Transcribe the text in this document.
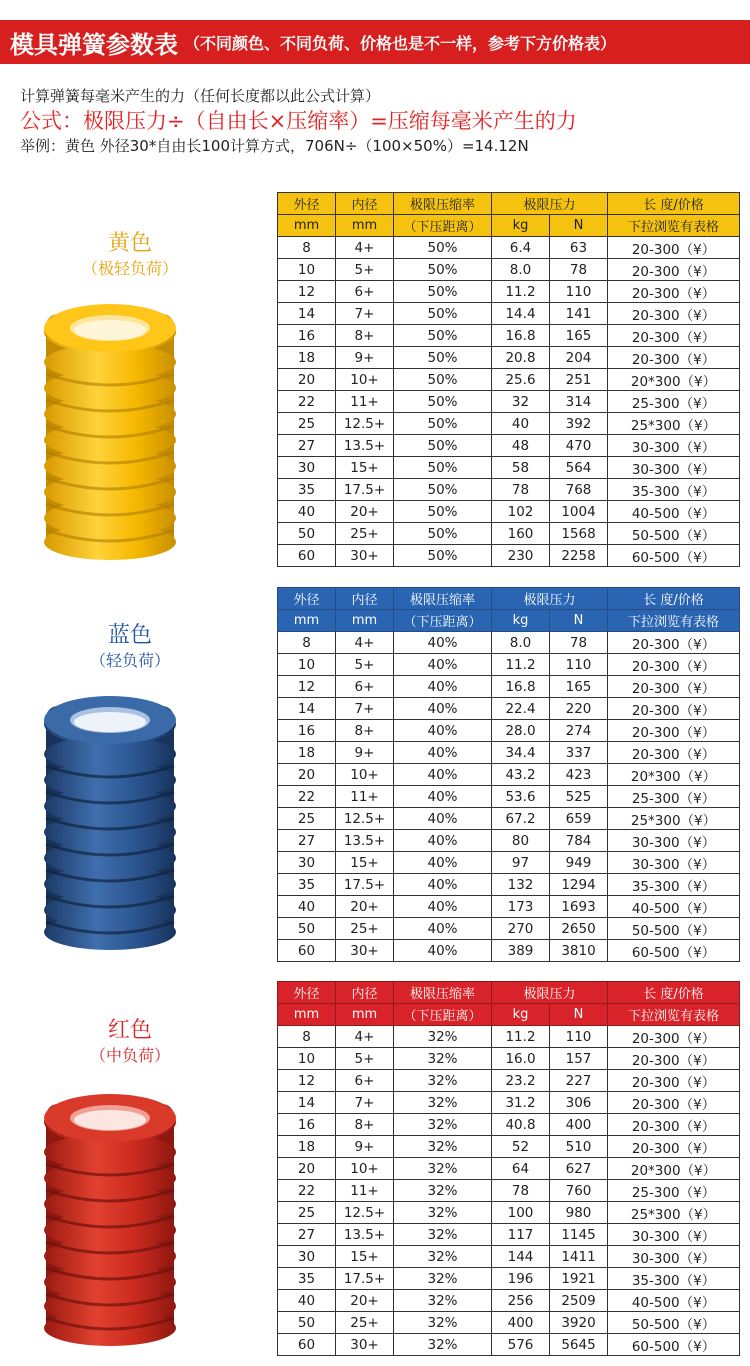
模具弹簧参数表 （不同颜色、不同负荷、价格也是不一样，参考下方价格表）
计算弹簧每毫米产生的力（任何长度都以此公式计算）
公式：极限压力÷（自由长×压缩率）=压缩每毫米产生的力
举例：黄色 外径30*自由长100计算方式，706N÷（100×50%）=14.12N
黄色
（极轻负荷）
外径	内径	极限压缩率	极限压力		长 度/价格
mm	mm	（下压距离）	kg	N	下拉浏览有表格
8	4+	50%	6.4	63	20-300（¥）
10	5+	50%	8.0	78	20-300（¥）
12	6+	50%	11.2	110	20-300（¥）
14	7+	50%	14.4	141	20-300（¥）
16	8+	50%	16.8	165	20-300（¥）
18	9+	50%	20.8	204	20-300（¥）
20	10+	50%	25.6	251	20*300（¥）
22	11+	50%	32	314	25-300（¥）
25	12.5+	50%	40	392	25*300（¥）
27	13.5+	50%	48	470	30-300（¥）
30	15+	50%	58	564	30-300（¥）
35	17.5+	50%	78	768	35-300（¥）
40	20+	50%	102	1004	40-500（¥）
50	25+	50%	160	1568	50-500（¥）
60	30+	50%	230	2258	60-500（¥）
蓝色
（轻负荷）
外径	内径	极限压缩率	极限压力		长 度/价格
mm	mm	（下压距离）	kg	N	下拉浏览有表格
8	4+	40%	8.0	78	20-300（¥）
10	5+	40%	11.2	110	20-300（¥）
12	6+	40%	16.8	165	20-300（¥）
14	7+	40%	22.4	220	20-300（¥）
16	8+	40%	28.0	274	20-300（¥）
18	9+	40%	34.4	337	20-300（¥）
20	10+	40%	43.2	423	20*300（¥）
22	11+	40%	53.6	525	25-300（¥）
25	12.5+	40%	67.2	659	25*300（¥）
27	13.5+	40%	80	784	30-300（¥）
30	15+	40%	97	949	30-300（¥）
35	17.5+	40%	132	1294	35-300（¥）
40	20+	40%	173	1693	40-500（¥）
50	25+	40%	270	2650	50-500（¥）
60	30+	40%	389	3810	60-500（¥）
红色
（中负荷）
外径	内径	极限压缩率	极限压力		长 度/价格
mm	mm	（下压距离）	kg	N	下拉浏览有表格
8	4+	32%	11.2	110	20-300（¥）
10	5+	32%	16.0	157	20-300（¥）
12	6+	32%	23.2	227	20-300（¥）
14	7+	32%	31.2	306	20-300（¥）
16	8+	32%	40.8	400	20-300（¥）
18	9+	32%	52	510	20-300（¥）
20	10+	32%	64	627	20*300（¥）
22	11+	32%	78	760	25-300（¥）
25	12.5+	32%	100	980	25*300（¥）
27	13.5+	32%	117	1145	30-300（¥）
30	15+	32%	144	1411	30-300（¥）
35	17.5+	32%	196	1921	35-300（¥）
40	20+	32%	256	2509	40-500（¥）
50	25+	32%	400	3920	50-500（¥）
60	30+	32%	576	5645	60-500（¥）
